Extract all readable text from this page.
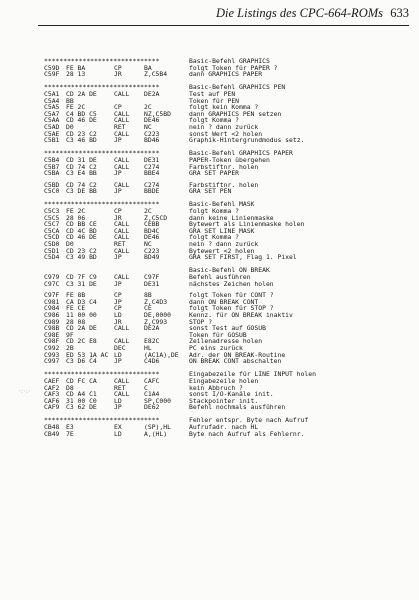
Die Listings des CPC-664-ROMs 633
·:·:·
******************************	Basic-Befehl GRAPHICS
C59D FE BA	CP	BA	folgt Token für PAPER ?
C59F 28 13	JR	Z,C5B4	dann GRAPHICS PAPER
******************************	Basic-Befehl GRAPHICS PEN
C5A1 CD 2A DE	CALL DE2A	Test auf PEN
C5A4 BB	Token für PEN
C5A5 FE 2C	CP	2C	folgt kein Komma ?
C5A7 C4 BD C5	CALL NZ,C5BD	dann GRAPHICS PEN setzen
C5AA CD 46 DE	CALL DE46	folgt Komma ?
C5AD D0	RET	NC	nein ? dann zurück
C5AE CD 23 C2	CALL C223	sonst Wert <2 holen
C5B1 C3 46 BD	JP	BD46	Graphik-Hintergrundmodus setz.
******************************	Basic-Befehl GRAPHICS PAPER
C5B4 CD 31 DE	CALL DE31	PAPER-Token übergehen
C5B7 CD 74 C2	CALL C274	Farbstiftnr. holen
C5BA C3 E4 BB	JP	BBE4	GRA SET PAPER
C5BD CD 74 C2	CALL C274	Farbstiftnr. holen
C5C0 C3 DE BB	JP	BBDE	GRA SET PEN
******************************	Basic-Befehl MASK
C5C3 FE 2C	CP	2C	folgt Komma ?
C5C5 28 06	JR	Z,C5CD	dann keine Linienmaske
C5C7 CD BB CE	CALL CEBB	Bytewert als Linienmaske holen
C5CA CD 4C BD	CALL BD4C	GRA SET LINE MASK
C5CD CD 46 DE	CALL DE46	folgt Komma ?
C5D0 D0	RET	NC	nein ? dann zurück
C5D1 CD 23 C2	CALL C223	Bytewert <2 holen
C5D4 C3 49 BD	JP	BD49	GRA SET FIRST, Flag 1. Pixel
Basic-Befehl ON BREAK
C979 CD 7F C9	CALL C97F	Befehl ausführen
C97C C3 31 DE	JP	DE31	nächstes Zeichen holen
C97F FE 8B	CP	8B	folgt Token für CONT ?
C981 CA D3 C4	JP	Z,C4D3	dann ON BREAK CONT
C984 FE CE	CP	CE	folgt Token für STOP ?
C986 11 00 00	LD	DE,0000	Kennz. für ON BREAK inaktiv
C989 28 08	JR	Z,C993	STOP ?
C98B CD 2A DE	CALL DE2A	sonst Test auf GOSUB
C98E 9F	Token für GOSUB
C98F CD 2C E8	CALL E82C	Zeilenadresse holen
C992 2B	DEC	HL	PC eins zurück
C993 ED 53 1A AC LD	(AC1A),DE Adr. der ON BREAK-Routine
C997 C3 D6 C4	JP	C4D6	ON BREAK CONT abschalten
******************************	Eingabezeile für LINE INPUT holen
CAEF CD FC CA	CALL CAFC	Eingabezeile holen
CAF2 D8	RET	C	kein Abbruch ?
CAF3 CD A4 C1	CALL C1A4	sonst I/O-Kanäle init.
CAF6 31 00 C0	LD	SP,C000	Stackpointer init.
CAF9 C3 62 DE	JP	DE62	Befehl nochmals ausführen
******************************	Fehler entspr. Byte nach Aufruf
CB48 E3	EX	(SP),HL	Aufrufadr. nach HL
CB49 7E	LD	A,(HL)	Byte nach Aufruf als Fehlernr.
